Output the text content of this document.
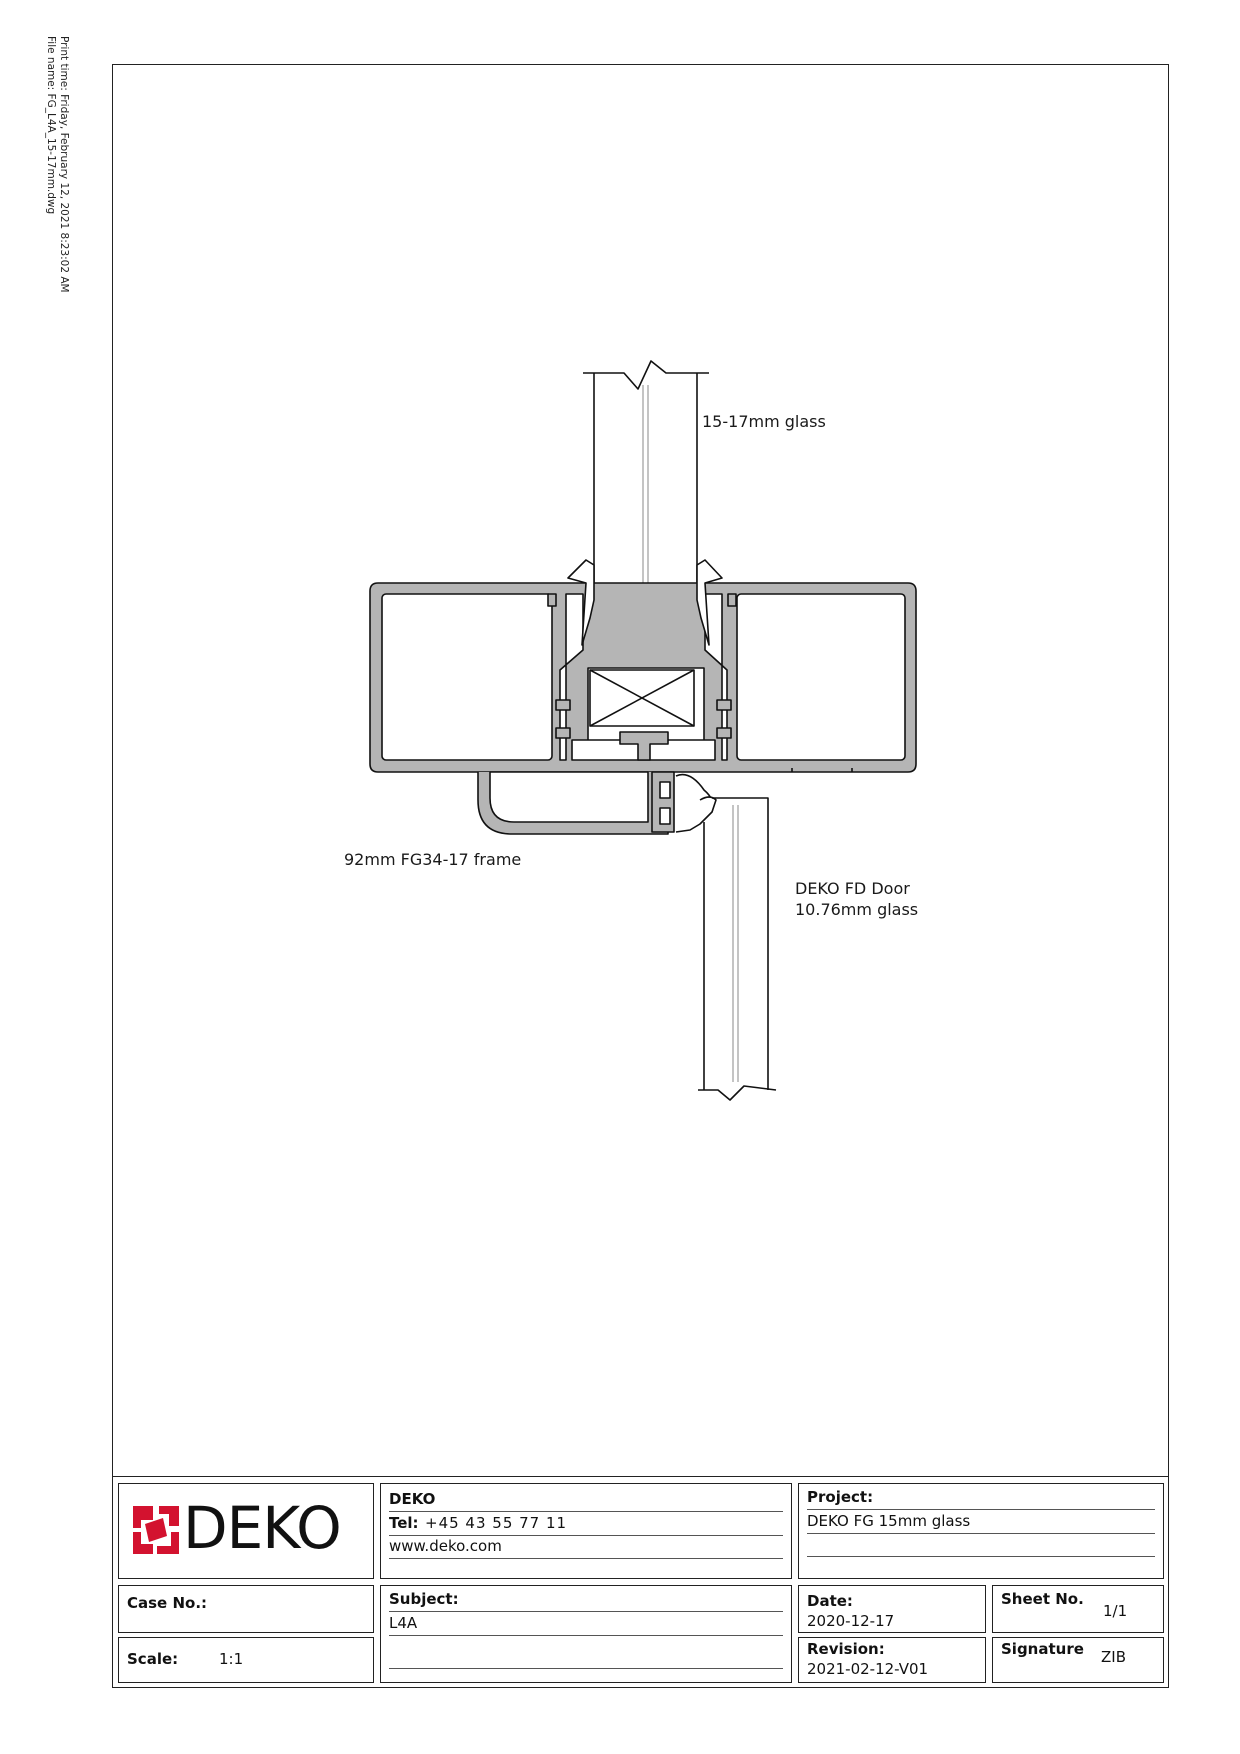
Print time: Friday, February 12, 2021 8:23:02 AM
File name: FG_L4A_15-17mm.dwg
15-17mm glass
92mm FG34-17 frame
DEKO FD Door
10.76mm glass
DEKO	DEKO
Tel: +45 43 55 77 11
www.deko.com
Project:
DEKO FG 15mm glass
Case No.:	Subject:
L4A
Date:
2020-12-17
Sheet No.
1/1
Scale:	1:1
Revision:
2021-02-12-V01
Signature ZIB
